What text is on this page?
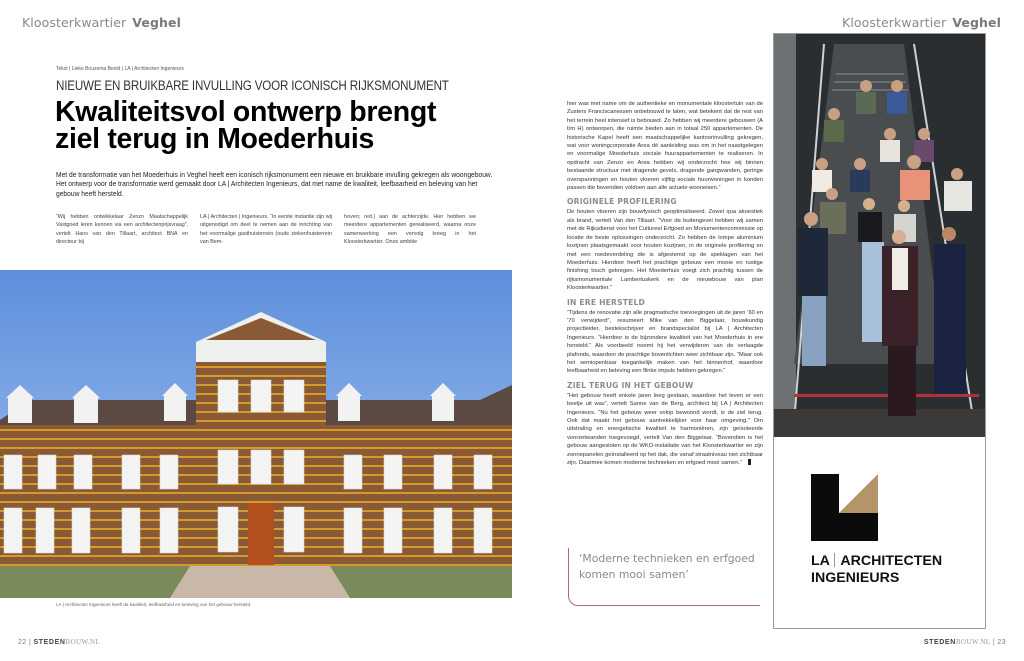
Kloosterkwartier Veghel
Tekst | Lieke Bouzema Beeld | LA | Architecten Ingenieurs
NIEUWE EN BRUIKBARE INVULLING VOOR ICONISCH RIJKSMONUMENT
Kwaliteitsvol ontwerp brengt ziel terug in Moederhuis

Met de transformatie van het Moederhuis in Veghel heeft een iconisch rijksmonument een nieuwe en bruikbare invulling gekregen als woongebouw. Het ontwerp voor de transformatie werd gemaakt door LA | Architecten Ingenieurs, dat met name de kwaliteit, leefbaarheid en beleving van het gebouw heeft hersteld.

“Wij hebben ontwikkelaar Zenzo Maatschappelijk Vastgoed leren kennen via een architectenprijsvraag”, vertelt Hans van den Tillaart, architect BNA en directeur bij

LA | Architecten | Ingenieurs. “In eerste instantie zijn wij uitgenodigd om deel te nemen aan de inrichting van het voormalige gasthuisterrein (oude ziekenhuisterrein van Bem-

hoven; red.) aan de achterzijde. Hier hebben we meerdere appartementen gerealiseerd, waarna onze samenwerking een vervolg kreeg in het Kloosterkwartier. Onze ambitie

LA | Architecten Ingenieurs heeft de kwaliteit, leefbaarheid en beleving van het gebouw hersteld.
22 | STEDENBOUW.NL
Kloosterkwartier Veghel

hier was met name om de authentieke en monumentale kloostertuin van de Zusters Franciscanessen onbebouwd te laten, wat betekent dat de rest van het terrein heel intensief is bebouwd. Zo hebben wij meerdere gebouwen (A t/m H) ontworpen, die ruimte bieden aan in totaal 250 appartementen. De historische Kapel heeft een maatschappelijke kantoorinvulling gekregen, wat voor woningcorporatie Area dé aanleiding was om in het naastgelegen en voormalige Moederhuis sociale huurappartementen te realiseren. In opdracht van Zenzo en Area hebben wij onderzocht hoe wij binnen bestaande structuur met dragende gevels, dragende gangwanden, geringe overspanningen en houten vloeren vijftig sociale huurwoningen in konden passen die bovendien voldoen aan alle actuele wooneisen.”

ORIGINELE PROFILERING

De houten vloeren zijn bouwfysisch geoptimaliseerd. Zowel qua akoestiek als brand, vertelt Van den Tillaart. “Voor de buitengevel hebben wij samen met de Rijksdienst voor het Cultureel Erfgoed en Monumentencommissie op locatie de beste oplossingen onderzocht. Zo hebben de lompe aluminium kozijnen plaatsgemaakt voor houten kozijnen, in de originele profilering en met een roedeverdeling die is afgestemd op de speklagen van het Moederhuis. Hierdoor heeft het prachtige gebouw een mooie en rustige finishing touch gekregen. Het Moederhuis voegt zich prachtig tussen de rijksmonumentale Lambertuskerk en de nieuwbouw van plan Kloosterkwartier.”

IN ERE HERSTELD

“Tijdens de renovatie zijn alle pragmatische toevoegingen uit de jaren ’60 en ’70 verwijderd”, resumeert Mike van den Biggelaar, bouwkundig projectleider, bestekschrijver en brandspecialist bij LA | Architecten Ingenieurs. “Hierdoor is de bijzondere kwaliteit van het Moederhuis in ere hersteld.” Als voorbeeld noemt hij het verwijderen van de verlaagde plafonds, waardoor de prachtige bovenlichten weer zichtbaar zijn. “Maar ook het semiopenbaar toegankelijk maken van het binnenhof, waardoor leefbaarheid en beleving een flinke impuls hebben gekregen.”

ZIEL TERUG IN HET GEBOUW

“Het gebouw heeft enkele jaren leeg gestaan, waardoor het leven er een beetje uit was”, vertelt Sanne van de Berg, architect bij LA | Architecten Ingenieurs. “Nu het gebouw weer volop bewoond wordt, is de ziel terug. Ook dat maakt het gebouw aantrekkelijker voor haar omgeving.” Om uitstraling en energetische kwaliteit te harmoniëren, zijn geïsoleerde voorzetwanden toegevoegd, vertelt Van den Biggelaar. “Bovendien is het gebouw aangesloten op de WKO-installatie van het Kloosterkwartier en zijn zonnepanelen geïnstalleerd op het dak, die vanaf straatniveau niet zichtbaar zijn. Daarmee komen moderne technieken en erfgoed mooi samen.”

‘Moderne technieken en erfgoed komen mooi samen’
LA ARCHITECTEN
INGENIEURS
STEDENBOUW.NL | 23
